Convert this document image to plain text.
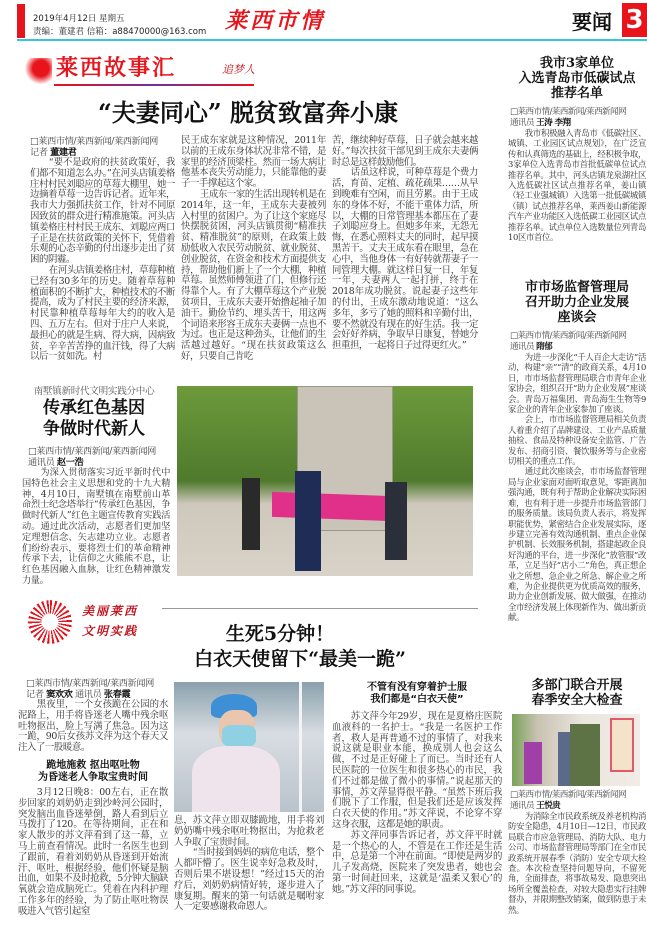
2019年4月12日 星期五
责编：董建君 信箱：a88470000@163.com 莱西市情	要闻 3
莱西故事汇	追梦人
“夫妻同心” 脱贫致富奔小康
□莱西市情/莱西新闻/莱西新闻网
记者 董建君

“要不是政府的扶贫政策好，我们都不知道怎么办。”在河头店镇姜格庄村村民刘聪应的草莓大棚里，她一边摘着草莓一边告诉记者。近年来，我市大力强抓扶贫工作，针对不同原因致贫的群众进行精准施策。河头店镇姜格庄村村民王成东、刘聪应两口子正是在扶贫政策的关怀下，凭借着乐观的心态辛勤的付出逐步走出了贫困的阴霾。

在河头店镇姜格庄村，草莓种植已经有30多年的历史。随着草莓种植面积的不断扩大，种植技术的不断提高，成为了村民主要的经济来源，村民靠种植草莓每年大约的收入是四、五万左右。但对于庄户人来说，最担心的就是生病、得大病，因病致贫，辛辛苦苦挣的血汗钱，得了大病以后一贫如洗。村

民王成东家就是这种情况，2011年以前的王成东身体状况非常不错，是家里的经济顶梁柱。然而一场大病让他基本丧失劳动能力，只能靠他的妻子一手撑起这个家。

王成东一家的生活出现转机是在2014年，这一年，王成东夫妻被列入村里的贫困户。为了让这个家庭尽快摆脱贫困，河头店镇贯彻“精准扶贫、精准脱贫”的原则，在政策上鼓励低收入农民劳动脱贫、就业脱贫、创业脱贫，在资金和技术方面提供支持，帮助他们新上了一个大棚，种植草莓。虽然师傅领进了门，但修行还得靠个人。有了大棚草莓这个产业脱贫项目，王成东夫妻开始撸起袖子加油干。勤俭节约、埋头苦干，用这两个词语来形容王成东夫妻俩一点也不为过。也正是这种劲头，让他们的生活越过越好。“现在扶贫政策这么好，只要自己肯吃

苦，继续种好草莓，日子就会越来越好。”每次扶贫干部见到王成东夫妻俩时总是这样鼓励他们。

话虽这样说，可种草莓是个费力活，育苗、定植、疏花疏果……从早到晚难有空闲，而且劳累。由于王成东的身体不好，不能干重体力活，所以，大棚的日常管理基本都压在了妻子刘聪应身上。但她多年来，无怨无悔，在悉心照料丈夫的同时，起早摸黑苦干。丈夫王成东看在眼里，急在心中，当他身体一有好转就帮妻子一同管理大棚。就这样日复一日，年复一年，夫妻两人一起打拼，终于在2018年成功脱贫。说起妻子这些年的付出，王成东激动地说道：“这么多年，多亏了她的照料和辛勤付出，要不然就没有现在的好生活。我一定会好好养病，争取早日康复，替她分担重担，一起将日子过得更红火。”

南墅镇新时代文明实践分中心
传承红色基因
争做时代新人
□莱西市情/莱西新闻/莱西新闻网
通讯员 赵一浩

为深入贯彻落实习近平新时代中国特色社会主义思想和党的十九大精神，4月10日，南墅镇在南墅前山革命烈士纪念塔举行“传承红色基因，争做时代新人”红色主题宣传教育实践活动。通过此次活动，志愿者们更加坚定理想信念、矢志建功立业。志愿者们纷纷表示，要将烈士们的革命精神传承下去，让信仰之火熊熊不息，让红色基因融入血脉，让红色精神激发力量。

我市3家单位
入选青岛市低碳试点
推荐名单
□莱西市情/莱西新闻/莱西新闻网
通讯员 王涛 李翔

我市积极融入青岛市《低碳社区、城镇、工业园区试点规划》，在广泛宣传和认真筛选的基础上，经积极争取，3家单位入选青岛市首批低碳单位试点推荐名单。其中，河头店镇龙泉湖社区入选低碳社区试点推荐名单，姜山镇（轻工业强城镇）入选第一批低碳城镇（镇）试点推荐名单，莱西姜山新能源汽车产业功能区入选低碳工业园区试点推荐名单。试点单位入选数量位列青岛10区市首位。

市市场监督管理局
召开助力企业发展
座谈会
□莱西市情/莱西新闻/莱西新闻网
通讯员 隋郁

为进一步深化“千人百企大走访”活动，构建“亲”“清”的政商关系，4月10日，市市场监督管理局联合市青年企业家协会，组织召开“助力企业发展”座谈会。青岛万福集团、青岛海生生物等9家企业的青年企业家参加了座谈。

会上，市市场监督管理局相关负责人着重介绍了品牌建设、工业产品质量抽检、食品及特种设备安全监管、广告发布、招商引资、餐饮服务等与企业密切相关的重点工作。

通过此次座谈会，市市场监督管理局与企业家面对面听取意见，零距离加强沟通，既有利于帮助企业解决实际困难，也有利于进一步提升市场监管部门的服务质量。该局负责人表示，将发挥职能优势，紧密结合企业发展实际，逐步建立完善有效沟通机制、重点企业保护机制、长效服务机制，搭建起政企良好沟通的平台，进一步深化“放管服”改革，立足当好“店小二”角色，真正想企业之所想、急企业之所急、解企业之所难，为企业提供更为优质高效的服务，助力企业创新发展、做大做强，在推动全市经济发展上体现新作为、做出新贡献。

多部门联合开展
春季安全大检查
□莱西市情/莱西新闻/莱西新闻网
通讯员 王悦贵

为消除全市民政系统及养老机构消防安全隐患，4月10日—12日，市民政局联合市应急管理局、消防大队、电力公司、市场监督管理局等部门在全市民政系统开展春季（消防）安全专项大检查。本次检查坚持问题导向，不留死角，全面排查，将事故易发、隐患突出场所全覆盖检查，对较大隐患实行挂牌督办，并限期整改销案，做到防患于未然。

美丽莱西
文明实践	生死5分钟！
白衣天使留下“最美一跪”
□莱西市情/莱西新闻/莱西新闻网
记者 窦欢欢 通讯员 张春霞

黑夜里，一个女孩跪在公园的水泥路上，用手将昏迷老人嘴中残余呕吐物抠出，脸上写满了焦急。因为这一跪，90后女孩苏文萍为这个春天又注入了一股暖意。

跪地施救 抠出呕吐物
为昏迷老人争取宝贵时间

3月12日晚8：00左右，正在散步回家的刘奶奶走到沙岭河公园时，突发脑出血昏迷晕倒，路人看到后立马拨打了120。在等待期间，正在和家人散步的苏文萍看到了这一幕，立马上前查看情况。此时一名医生也到了跟前，看着刘奶奶从昏迷到开始流汗、呕吐，根据经验，他们怀疑是脑出血，如果不及时抢救，5分钟大脑缺氧就会造成脑死亡。凭着在内科护理工作多年的经验，为了防止呕吐物误吸进入气管引起窒

息，苏文萍立即双膝跪地，用手将刘奶奶嘴中残余呕吐物抠出，为抢救老人争取了宝贵时间。

“当时接到妈妈的病危电话，整个人都吓懵了。医生说幸好急救及时，否则后果不堪设想！”经过15天的治疗后，刘奶奶病情好转，逐步进入了康复期。醒来的第一句话就是嘱咐家人一定要感谢救命恩人。

不管有没有穿着护士服
我们都是“白衣天使”

苏文萍今年29岁，现在是夏格庄医院血液科的一名护士。“我是一名医护工作者，救人是再普通不过的事情了，对我来说这就是职业本能，换成别人也会这么做，不过是正好碰上了而已。当时还有人民医院的一位医生和很多热心的市民，我们不过都是做了微小的事情。”说起那天的事情，苏文萍显得很平静。“虽然下班后我们脱下了工作服，但是我们还是应该发挥白衣天使的作用。”苏文萍说，不论穿不穿这身衣服，这都是她的职责。

苏文萍同事告诉记者，苏文萍平时就是一个热心的人，不管是在工作还是生活中，总是第一个冲在前面。“即使是两岁的儿子发高烧，医院来了突发患者，她也会第一时间赶回来，这就是‘温柔又狠心’的她。”苏文萍的同事说。
